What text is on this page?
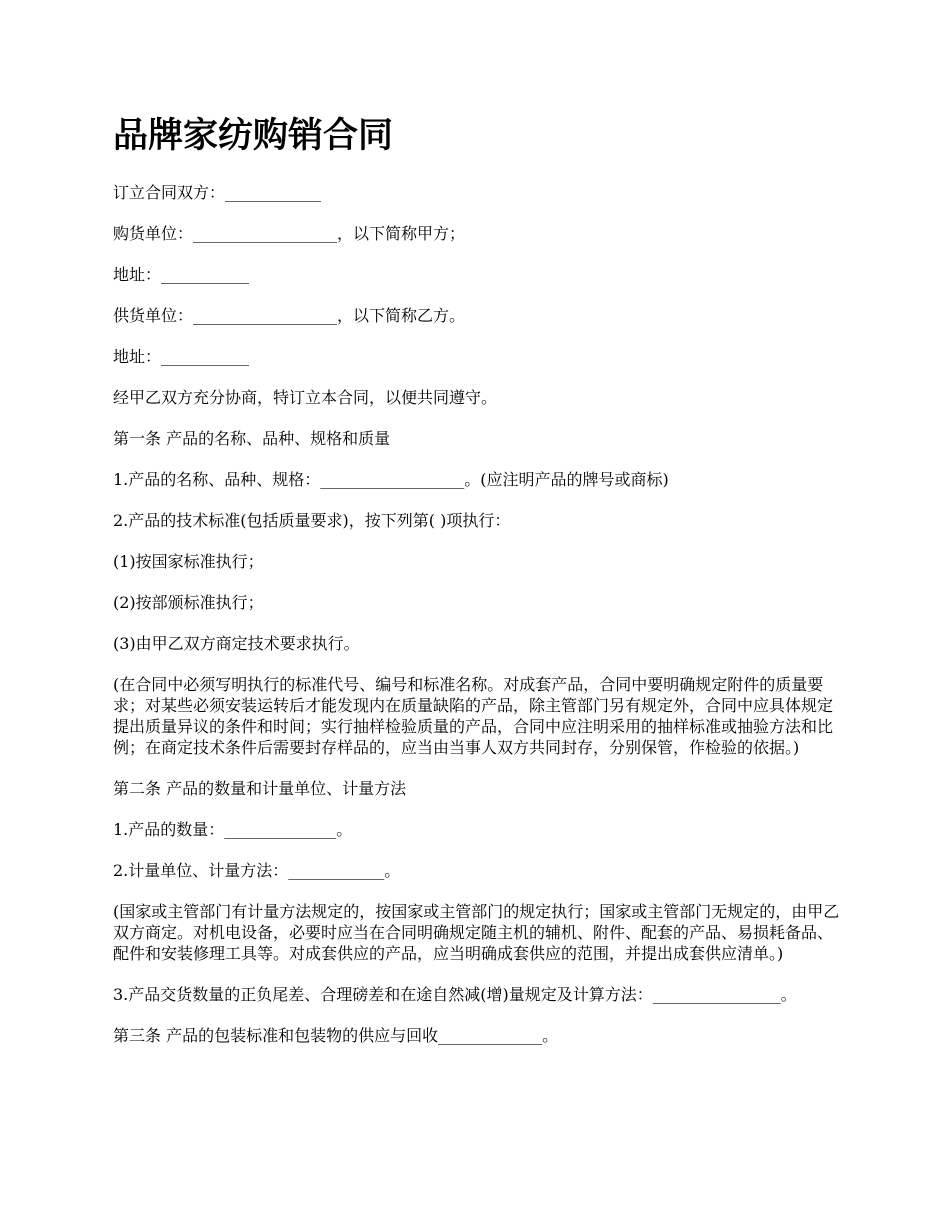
品牌家纺购销合同

订立合同双方：____________

购货单位：__________________，以下简称甲方；

地址：___________

供货单位：__________________，以下简称乙方。

地址：___________

经甲乙双方充分协商，特订立本合同，以便共同遵守。

第一条 产品的名称、品种、规格和质量

1.产品的名称、品种、规格：__________________。(应注明产品的牌号或商标)

2.产品的技术标准(包括质量要求)，按下列第( )项执行：

(1)按国家标准执行；

(2)按部颁标准执行；

(3)由甲乙双方商定技术要求执行。

(在合同中必须写明执行的标准代号、编号和标准名称。对成套产品，合同中要明确规定附件的质量要求；对某些必须安装运转后才能发现内在质量缺陷的产品，除主管部门另有规定外，合同中应具体规定提出质量异议的条件和时间；实行抽样检验质量的产品，合同中应注明采用的抽样标准或抽验方法和比例；在商定技术条件后需要封存样品的，应当由当事人双方共同封存，分别保管，作检验的依据。)

第二条 产品的数量和计量单位、计量方法

1.产品的数量：______________。

2.计量单位、计量方法：____________。

(国家或主管部门有计量方法规定的，按国家或主管部门的规定执行；国家或主管部门无规定的，由甲乙双方商定。对机电设备，必要时应当在合同明确规定随主机的辅机、附件、配套的产品、易损耗备品、配件和安装修理工具等。对成套供应的产品，应当明确成套供应的范围，并提出成套供应清单。)

3.产品交货数量的正负尾差、合理磅差和在途自然减(增)量规定及计算方法：________________。

第三条 产品的包装标准和包装物的供应与回收_____________。
